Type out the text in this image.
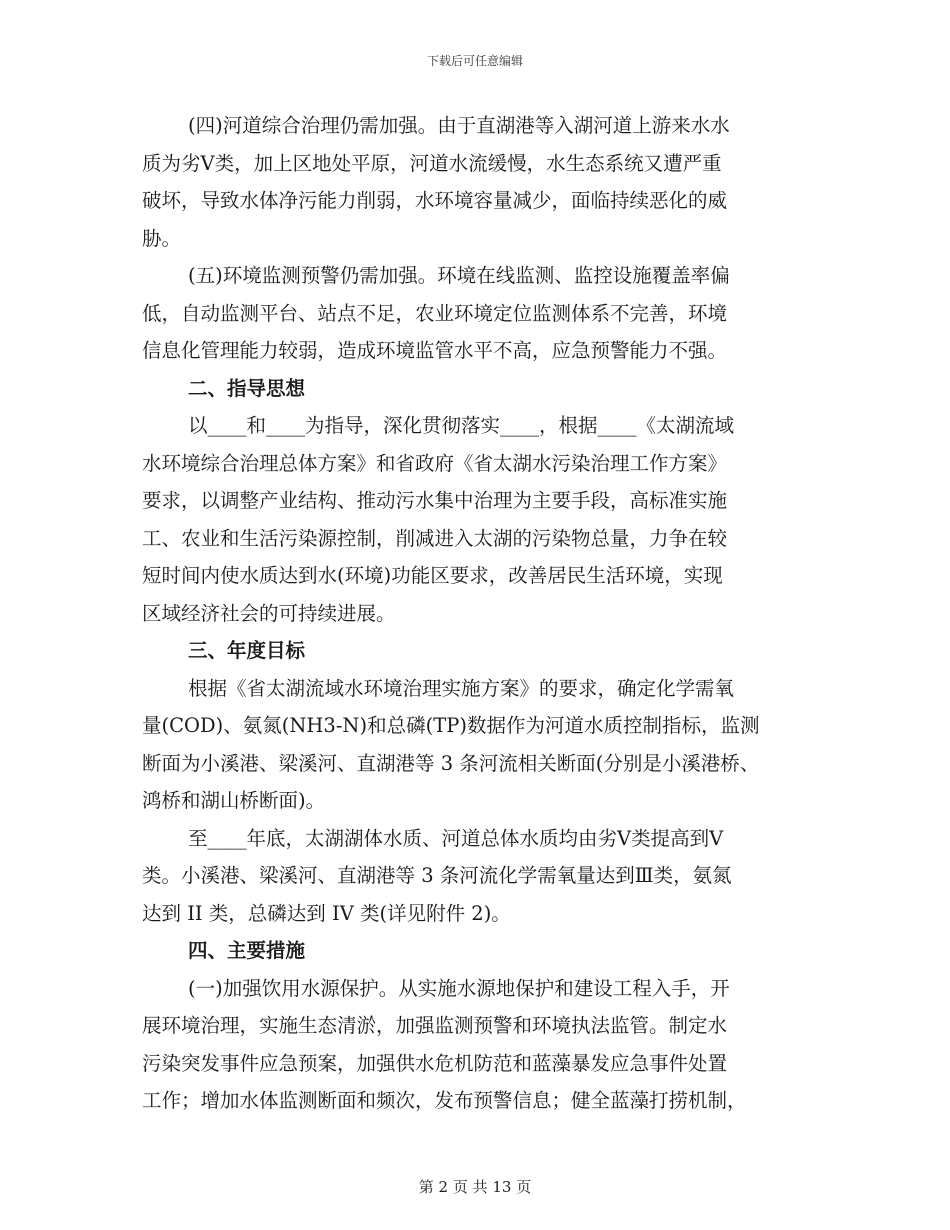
下载后可任意编辑
(四)河道综合治理仍需加强。由于直湖港等入湖河道上游来水水
质为劣Ⅴ类，加上区地处平原，河道水流缓慢，水生态系统又遭严重
破坏，导致水体净污能力削弱，水环境容量减少，面临持续恶化的威
胁。
(五)环境监测预警仍需加强。环境在线监测、监控设施覆盖率偏
低，自动监测平台、站点不足，农业环境定位监测体系不完善，环境
信息化管理能力较弱，造成环境监管水平不高，应急预警能力不强。
二、指导思想
以____和____为指导，深化贯彻落实____，根据____《太湖流域
水环境综合治理总体方案》和省政府《省太湖水污染治理工作方案》
要求，以调整产业结构、推动污水集中治理为主要手段，高标准实施
工、农业和生活污染源控制，削减进入太湖的污染物总量，力争在较
短时间内使水质达到水(环境)功能区要求，改善居民生活环境，实现
区域经济社会的可持续进展。
三、年度目标
根据《省太湖流域水环境治理实施方案》的要求，确定化学需氧
量(COD)、氨氮(NH3-N)和总磷(TP)数据作为河道水质控制指标，监测
断面为小溪港、梁溪河、直湖港等 3 条河流相关断面(分别是小溪港桥、
鸿桥和湖山桥断面)。
至____年底，太湖湖体水质、河道总体水质均由劣Ⅴ类提高到Ⅴ
类。小溪港、梁溪河、直湖港等 3 条河流化学需氧量达到Ⅲ类，氨氮
达到 II 类，总磷达到 IV 类(详见附件 2)。
四、主要措施
(一)加强饮用水源保护。从实施水源地保护和建设工程入手，开
展环境治理，实施生态清淤，加强监测预警和环境执法监管。制定水
污染突发事件应急预案，加强供水危机防范和蓝藻暴发应急事件处置
工作；增加水体监测断面和频次，发布预警信息；健全蓝藻打捞机制，
第 2 页 共 13 页
